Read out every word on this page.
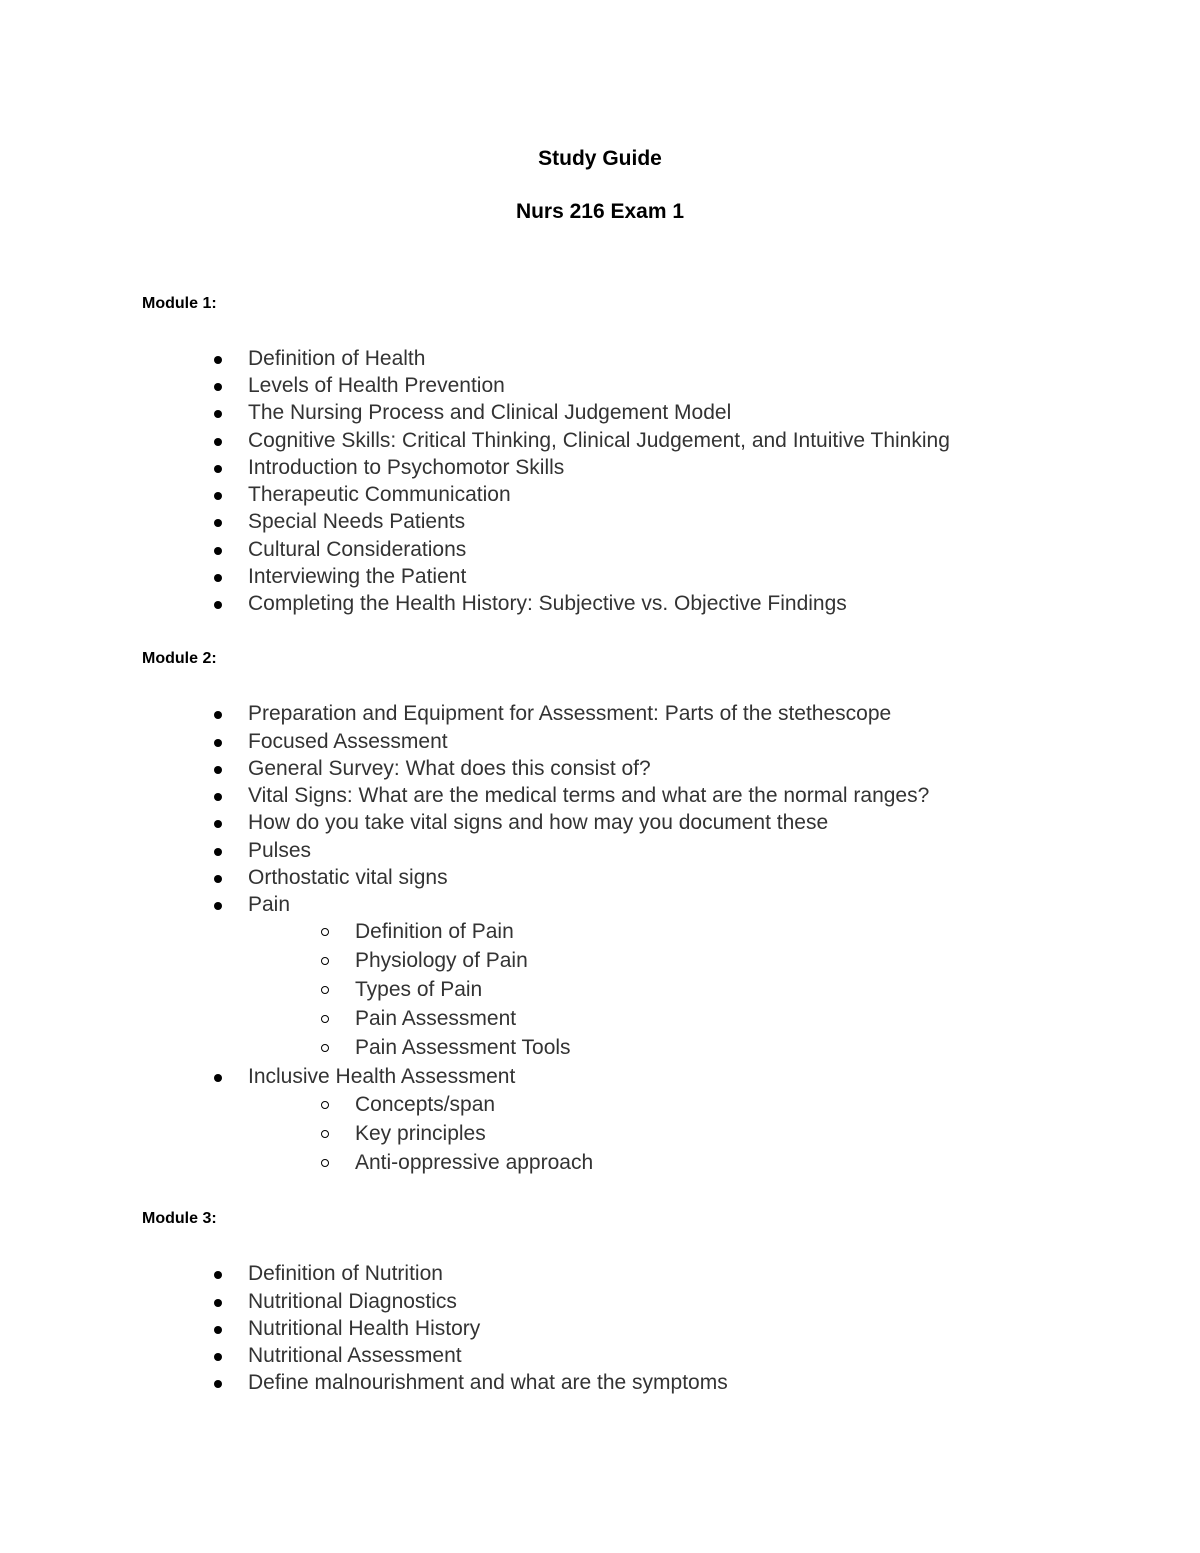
Study Guide
Nurs 216 Exam 1
Module 1:
Definition of Health
Levels of Health Prevention
The Nursing Process and Clinical Judgement Model
Cognitive Skills: Critical Thinking, Clinical Judgement, and Intuitive Thinking
Introduction to Psychomotor Skills
Therapeutic Communication
Special Needs Patients
Cultural Considerations
Interviewing the Patient
Completing the Health History: Subjective vs. Objective Findings
Module 2:
Preparation and Equipment for Assessment: Parts of the stethescope
Focused Assessment
General Survey: What does this consist of?
Vital Signs: What are the medical terms and what are the normal ranges?
How do you take vital signs and how may you document these
Pulses
Orthostatic vital signs
Pain
Definition of Pain
Physiology of Pain
Types of Pain
Pain Assessment
Pain Assessment Tools
Inclusive Health Assessment
Concepts/span
Key principles
Anti-oppressive approach
Module 3:
Definition of Nutrition
Nutritional Diagnostics
Nutritional Health History
Nutritional Assessment
Define malnourishment and what are the symptoms
